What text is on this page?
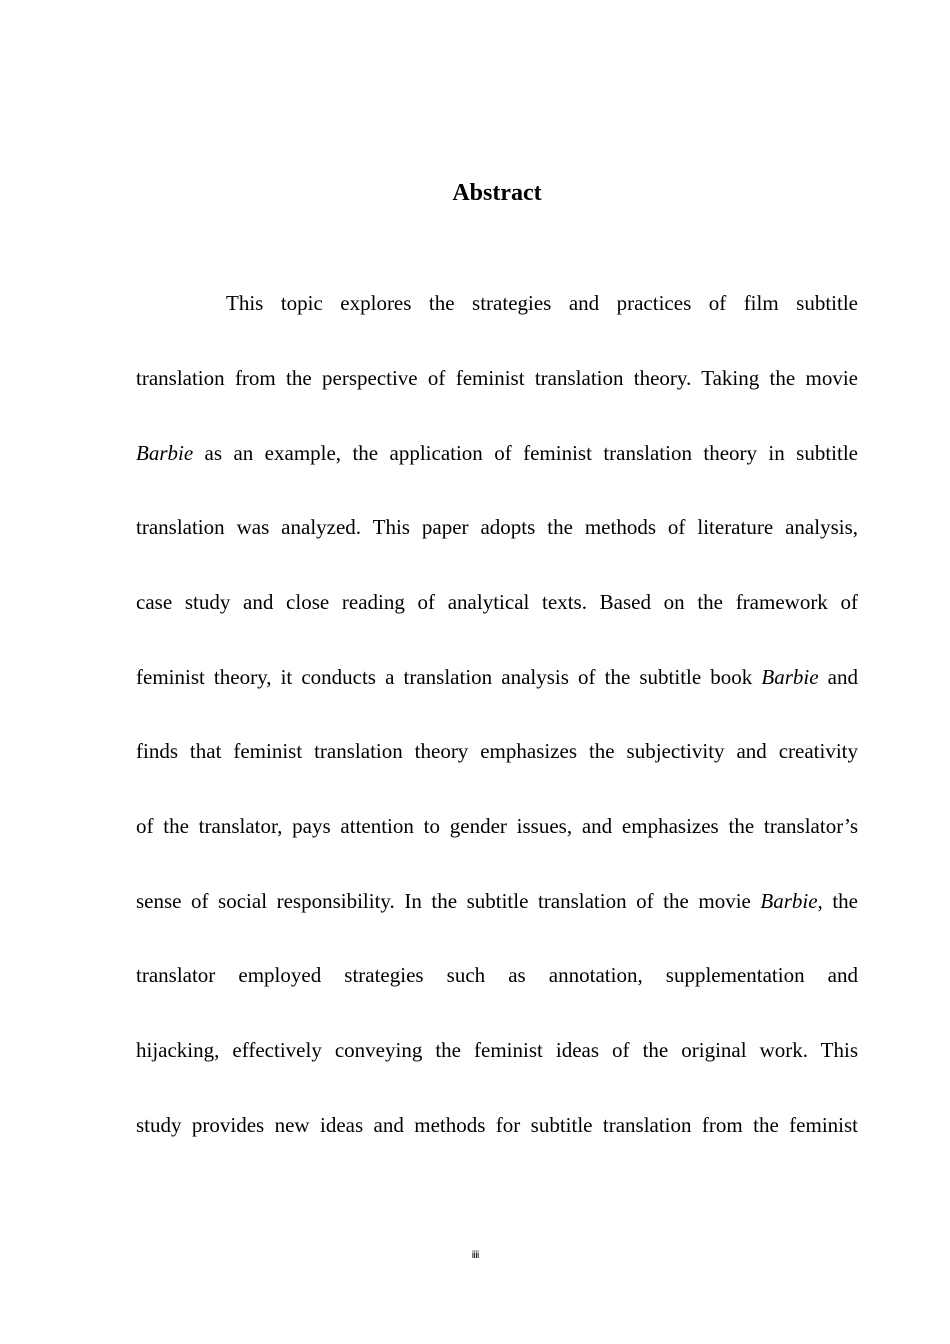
Abstract
This topic explores the strategies and practices of film subtitle
translation from the perspective of feminist translation theory. Taking the movie
Barbie as an example, the application of feminist translation theory in subtitle
translation was analyzed. This paper adopts the methods of literature analysis,
case study and close reading of analytical texts. Based on the framework of
feminist theory, it conducts a translation analysis of the subtitle book Barbie and
finds that feminist translation theory emphasizes the subjectivity and creativity
of the translator, pays attention to gender issues, and emphasizes the translator’s
sense of social responsibility. In the subtitle translation of the movie Barbie, the
translator employed strategies such as annotation, supplementation and
hijacking, effectively conveying the feminist ideas of the original work. This
study provides new ideas and methods for subtitle translation from the feminist
iiii
